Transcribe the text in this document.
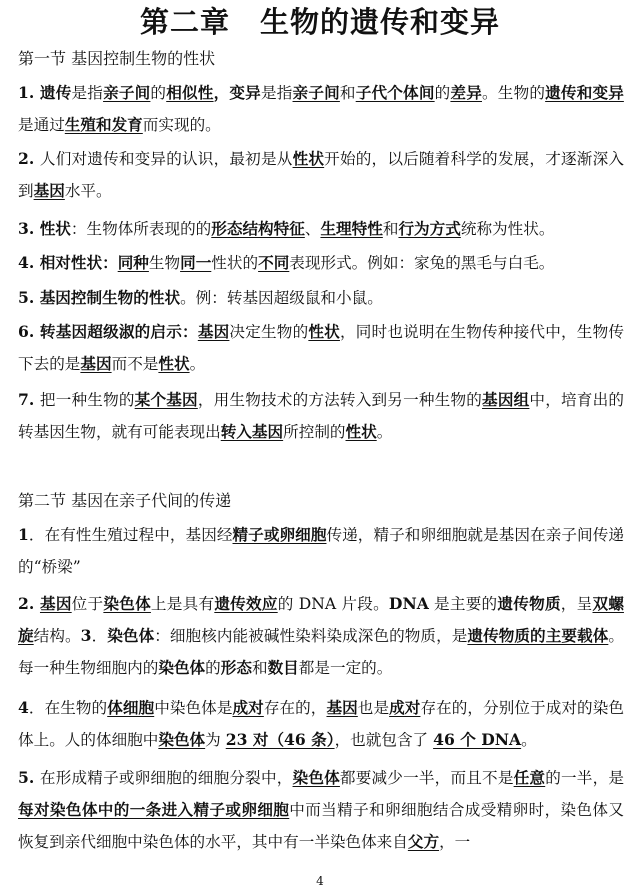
第二章　生物的遗传和变异
第一节 基因控制生物的性状
1. 遗传是指亲子间的相似性，变异是指亲子间和子代个体间的差异。生物的遗传和变异是通过生殖和发育而实现的。
2. 人们对遗传和变异的认识，最初是从性状开始的，以后随着科学的发展，才逐渐深入到基因水平。
3. 性状：生物体所表现的的形态结构特征、生理特性和行为方式统称为性状。
4. 相对性状：同种生物同一性状的不同表现形式。例如：家兔的黑毛与白毛。
5. 基因控制生物的性状。例：转基因超级鼠和小鼠。
6. 转基因超级淑的启示：基因决定生物的性状，同时也说明在生物传种接代中，生物传下去的是基因而不是性状。
7. 把一种生物的某个基因，用生物技术的方法转入到另一种生物的基因组中，培育出的转基因生物，就有可能表现出转入基因所控制的性状。
第二节 基因在亲子代间的传递
1．在有性生殖过程中，基因经精子或卵细胞传递，精子和卵细胞就是基因在亲子间传递的“桥梁”
2. 基因位于染色体上是具有遗传效应的 DNA 片段。DNA 是主要的遗传物质，呈双螺旋结构。3．染色体：细胞核内能被碱性染料染成深色的物质，是遗传物质的主要载体。每一种生物细胞内的染色体的形态和数目都是一定的。
4．在生物的体细胞中染色体是成对存在的，基因也是成对存在的，分别位于成对的染色体上。人的体细胞中染色体为 23 对（46 条），也就包含了 46 个 DNA。
5. 在形成精子或卵细胞的细胞分裂中，染色体都要减少一半，而且不是任意的一半，是每对染色体中的一条进入精子或卵细胞中而当精子和卵细胞结合成受精卵时，染色体又恢复到亲代细胞中染色体的水平，其中有一半染色体来自父方，一
4
